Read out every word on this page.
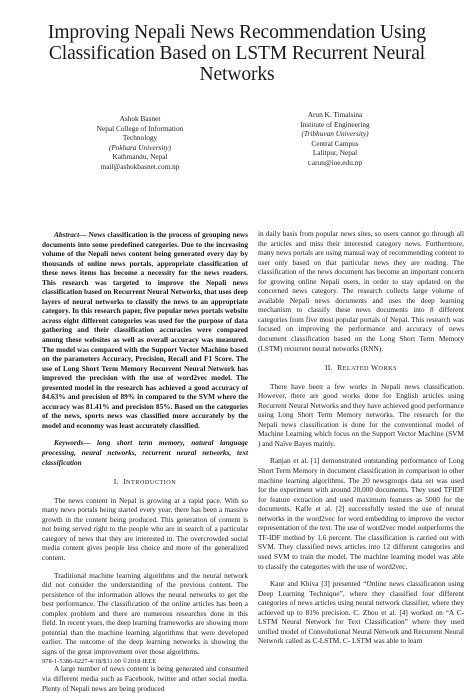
Improving Nepali News Recommendation Using Classification Based on LSTM Recurrent Neural Networks
Ashok Basnet
Nepal College of Information
Technology
(Pokhara University)
Kathmandu, Nepal
mail@ashokbasnet.com.np
Arun K. Timalsina
Institute of Engineering
(Tribhuvan University)
Central Campus
Lalitpur, Nepal
t.arun@ioe.edu.np

Abstract— News classification is the process of grouping news documents into some predefined categories. Due to the increasing volume of the Nepali news content being generated every day by thousands of online news portals, appropriate classification of these news items has become a necessity for the news readers. This research was targeted to improve the Nepali news classification based on Recurrent Neural Networks, that uses deep layers of neural networks to classify the news to an appropriate category. In this research paper, five popular news portals website across eight different categories was used for the purpose of data gathering and their classification accuracies were compared among these websites as well as overall accuracy was measured. The model was compared with the Support Vector Machine based on the parameters Accuracy, Precision, Recall and F1 Score. The use of Long Short Term Memory Recurrent Neural Network has improved the precision with the use of word2vec model. The presented model in the research has achieved a good accuracy of 84.63% and precision of 89% in compared to the SVM where the accuracy was 81.41% and precision 85%. Based on the categories of the news, sports news was classified more accurately by the model and economy was least accurately classified.

Keywords— long short term memory, natural language processing, neural networks, recurrent neural networks, text classification

I. INTRODUCTION

The news content in Nepal is growing at a rapid pace. With so many news portals being started every year, there has been a massive growth in the content being produced. This generation of content is not being served right to the people who are in search of a particular category of news that they are interested in. The overcrowded social media content gives people less choice and more of the generalized content.

Traditional machine learning algorithms and the neural network did not consider the understanding of the previous content. The persistence of the information allows the neural networks to get the best performance. The classification of the online articles has been a complex problem and there are numerous researches done in this field. In recent years, the deep learning frameworks are showing more potential than the machine learning algorithms that were developed earlier. The outcome of the deep learning networks is showing the signs of the great improvement over those algorithms.

A large number of news content is being generated and consumed via different media such as Facebook, twitter and other social media. Plenty of Nepali news are being produced

in daily basis from popular news sites, so users cannot go through all the articles and miss their interested category news. Furthermore, many news portals are using manual way of recommending content to user only based on that particular news they are reading. The classification of the news document has become an important concern for growing online Nepali users, in order to stay updated on the concerned news category. The research collects large volume of available Nepali news documents and uses the deep learning mechanism to classify these news documents into 8 different categories from five most popular portals of Nepal. This research was focused on improving the performance and accuracy of news document classification based on the Long Short Term Memory (LSTM) recurrent neural networks (RNN).

II. RELATED WORKS

There have been a few works in Nepali news classification. However, there are good works done for English articles using Recurrent Neural Networks and they have achieved good performance using Long Short Term Memory networks. The research for the Nepali news classification is done for the conventional model of Machine Learning which focus on the Support Vector Machine (SVM ) and Naïve Bayes mainly.

Ranjan et al. [1] demonstrated outstanding performance of Long Short Term Memory in document classification in comparison to other machine learning algorithms. The 20 newsgroups data set was used for the experiment with around 20,000 documents. They used TFIDF for feature extraction and used maximum features as 5000 for the documents. Kafle et al. [2] successfully tested the use of neural networks in the word2vec for word embedding to improve the vector representation of the text. The use of word2vec model outperforms the TF-IDF method by 1.6 percent. The classification is carried out with SVM. They classified news articles into 12 different categories and used SVM to train the model. The machine learning model was able to classify the categories with the use of word2vec.

Kaur and Khiva [3] presented “Online news classification using Deep Learning Technique”, where they classified four different categories of news articles using neural network classifier, where they achieved up to 81% precision. C. Zhou et al. [4] worked on “A C-LSTM Neural Network for Text Classification” where they used unified model of Convolutional Neural Network and Recurrent Neural Network called as C-LSTM. C- LSTM was able to learn

978-1-5386-6227-4/18/$31.00 ©2018 IEEE
